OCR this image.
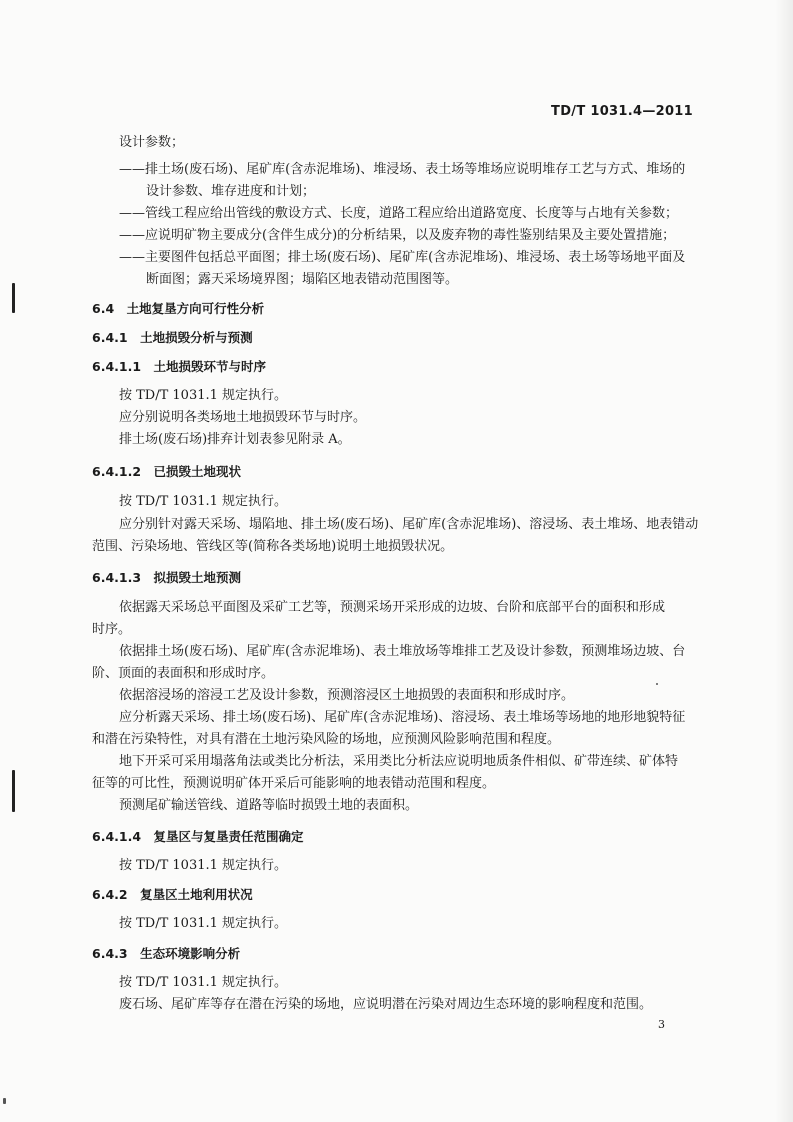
TD/T 1031.4—2011
设计参数；
——排土场(废石场)、尾矿库(含赤泥堆场)、堆浸场、表土场等堆场应说明堆存工艺与方式、堆场的
设计参数、堆存进度和计划；
——管线工程应给出管线的敷设方式、长度，道路工程应给出道路宽度、长度等与占地有关参数；
——应说明矿物主要成分(含伴生成分)的分析结果，以及废弃物的毒性鉴别结果及主要处置措施；
——主要图件包括总平面图；排土场(废石场)、尾矿库(含赤泥堆场)、堆浸场、表土场等场地平面及
断面图；露天采场境界图；塌陷区地表错动范围图等。
6.4　土地复垦方向可行性分析
6.4.1　土地损毁分析与预测
6.4.1.1　土地损毁环节与时序
按 TD/T 1031.1 规定执行。
应分别说明各类场地土地损毁环节与时序。
排土场(废石场)排弃计划表参见附录 A。
6.4.1.2　已损毁土地现状
按 TD/T 1031.1 规定执行。
应分别针对露天采场、塌陷地、排土场(废石场)、尾矿库(含赤泥堆场)、溶浸场、表土堆场、地表错动
范围、污染场地、管线区等(简称各类场地)说明土地损毁状况。
6.4.1.3　拟损毁土地预测
依据露天采场总平面图及采矿工艺等，预测采场开采形成的边坡、台阶和底部平台的面积和形成
时序。
依据排土场(废石场)、尾矿库(含赤泥堆场)、表土堆放场等堆排工艺及设计参数，预测堆场边坡、台
阶、顶面的表面积和形成时序。
依据溶浸场的溶浸工艺及设计参数，预测溶浸区土地损毁的表面积和形成时序。
应分析露天采场、排土场(废石场)、尾矿库(含赤泥堆场)、溶浸场、表土堆场等场地的地形地貌特征
和潜在污染特性，对具有潜在土地污染风险的场地，应预测风险影响范围和程度。
地下开采可采用塌落角法或类比分析法，采用类比分析法应说明地质条件相似、矿带连续、矿体特
征等的可比性，预测说明矿体开采后可能影响的地表错动范围和程度。
预测尾矿输送管线、道路等临时损毁土地的表面积。
6.4.1.4　复垦区与复垦责任范围确定
按 TD/T 1031.1 规定执行。
6.4.2　复垦区土地利用状况
按 TD/T 1031.1 规定执行。
6.4.3　生态环境影响分析
按 TD/T 1031.1 规定执行。
废石场、尾矿库等存在潜在污染的场地，应说明潜在污染对周边生态环境的影响程度和范围。
3
